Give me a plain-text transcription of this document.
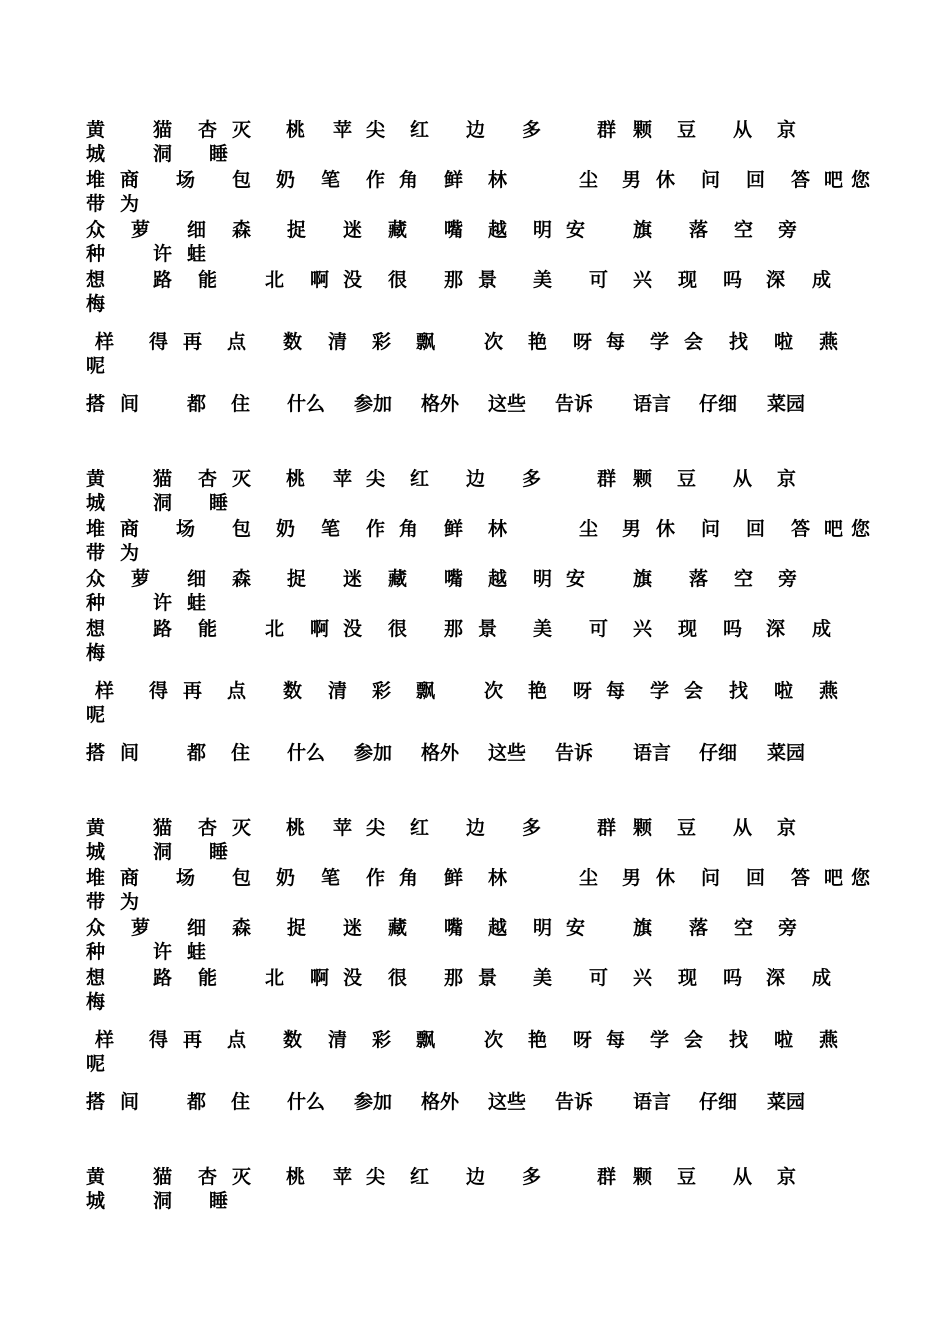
黄	猫 杏 灭 桃 苹 尖 红 边 多	群 颗 豆 从 京
城	洞 睡
堆 商 场 包 奶 笔 作 角 鲜 林	尘 男 休 问 回 答 吧 您
带 为
众 萝 细 森 捉 迷 藏 嘴 越 明 安	旗 落 空 旁
种	许 蛙
想	路 能	北 啊 没 很 那 景 美 可 兴 现 吗 深 成
梅
样 得 再 点 数 清 彩 飘	次 艳 呀 每 学 会 找 啦 燕
呢
搭 间	都 住 什么 参加 格外 这些 告诉 语言 仔细 菜园
黄	猫 杏 灭 桃 苹 尖 红 边 多	群 颗 豆 从 京
城	洞 睡
堆 商 场 包 奶 笔 作 角 鲜 林	尘 男 休 问 回 答 吧 您
带 为
众 萝 细 森 捉 迷 藏 嘴 越 明 安	旗 落 空 旁
种	许 蛙
想	路 能	北 啊 没 很 那 景 美 可 兴 现 吗 深 成
梅
样 得 再 点 数 清 彩 飘	次 艳 呀 每 学 会 找 啦 燕
呢
搭 间	都 住 什么 参加 格外 这些 告诉 语言 仔细 菜园
黄	猫 杏 灭 桃 苹 尖 红 边 多	群 颗 豆 从 京
城	洞 睡
堆 商 场 包 奶 笔 作 角 鲜 林	尘 男 休 问 回 答 吧 您
带 为
众 萝 细 森 捉 迷 藏 嘴 越 明 安	旗 落 空 旁
种	许 蛙
想	路 能	北 啊 没 很 那 景 美 可 兴 现 吗 深 成
梅
样 得 再 点 数 清 彩 飘	次 艳 呀 每 学 会 找 啦 燕
呢
搭 间	都 住 什么 参加 格外 这些 告诉 语言 仔细 菜园
黄	猫 杏 灭 桃 苹 尖 红 边 多	群 颗 豆 从 京
城	洞 睡
